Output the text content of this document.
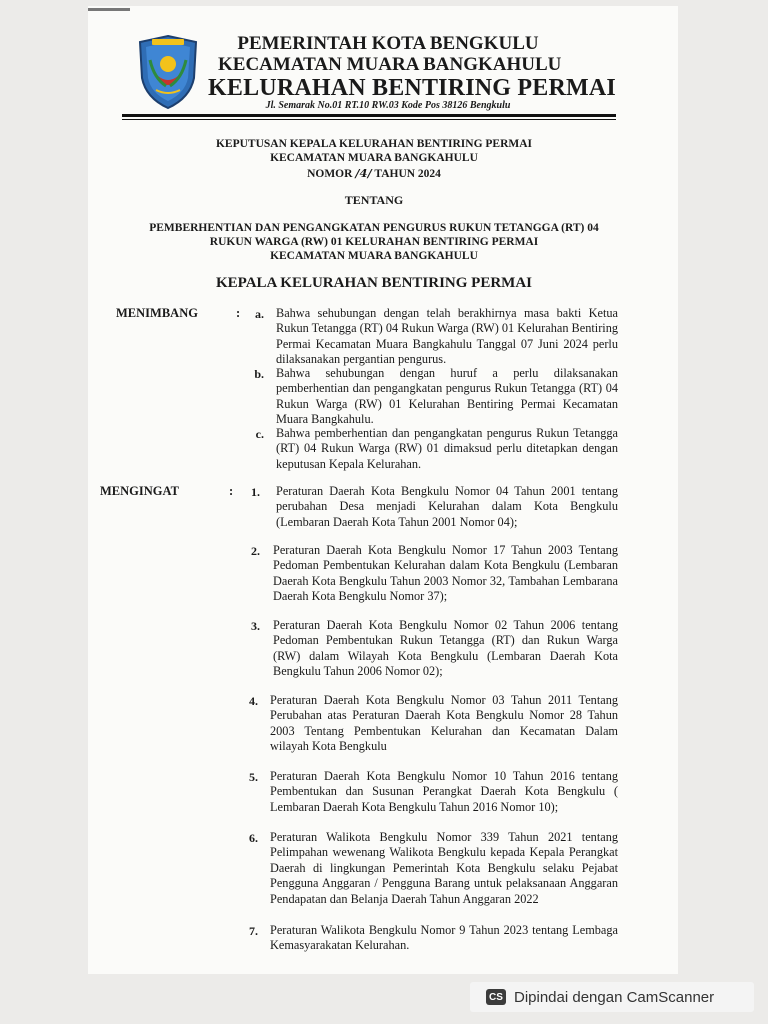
PEMERINTAH KOTA BENGKULU
KECAMATAN MUARA BANGKAHULU
KELURAHAN BENTIRING PERMAI
Jl. Semarak No.01 RT.10 RW.03 Kode Pos 38126 Bengkulu
KEPUTUSAN KEPALA KELURAHAN BENTIRING PERMAI
KECAMATAN MUARA BANGKAHULU
NOMOR /4/ TAHUN 2024
TENTANG
PEMBERHENTIAN DAN PENGANGKATAN PENGURUS RUKUN TETANGGA (RT) 04
RUKUN WARGA (RW) 01 KELURAHAN BENTIRING PERMAI
KECAMATAN MUARA BANGKAHULU
KEPALA KELURAHAN BENTIRING PERMAI
MENIMBANG	:	a. Bahwa sehubungan dengan telah berakhirnya masa bakti Ketua Rukun Tetangga (RT) 04 Rukun Warga (RW) 01 Kelurahan Bentiring Permai Kecamatan Muara Bangkahulu Tanggal 07 Juni 2024 perlu dilaksanakan pergantian pengurus.
b. Bahwa sehubungan dengan huruf a perlu dilaksanakan pemberhentian dan pengangkatan pengurus Rukun Tetangga (RT) 04 Rukun Warga (RW) 01 Kelurahan Bentiring Permai Kecamatan Muara Bangkahulu.
c. Bahwa pemberhentian dan pengangkatan pengurus Rukun Tetangga (RT) 04 Rukun Warga (RW) 01 dimaksud perlu ditetapkan dengan keputusan Kepala Kelurahan.
MENGINGAT	:	1. Peraturan Daerah Kota Bengkulu Nomor 04 Tahun 2001 tentang perubahan Desa menjadi Kelurahan dalam Kota Bengkulu (Lembaran Daerah Kota Tahun 2001 Nomor 04);
2. Peraturan Daerah Kota Bengkulu Nomor 17 Tahun 2003 Tentang Pedoman Pembentukan Kelurahan dalam Kota Bengkulu (Lembaran Daerah Kota Bengkulu Tahun 2003 Nomor 32, Tambahan Lembarana Daerah Kota Bengkulu Nomor 37);
3. Peraturan Daerah Kota Bengkulu Nomor 02 Tahun 2006 tentang Pedoman Pembentukan Rukun Tetangga (RT) dan Rukun Warga (RW) dalam Wilayah Kota Bengkulu (Lembaran Daerah Kota Bengkulu Tahun 2006 Nomor 02);
4. Peraturan Daerah Kota Bengkulu Nomor 03 Tahun 2011 Tentang Perubahan atas Peraturan Daerah Kota Bengkulu Nomor 28 Tahun 2003 Tentang Pembentukan Kelurahan dan Kecamatan Dalam wilayah Kota Bengkulu
5. Peraturan Daerah Kota Bengkulu Nomor 10 Tahun 2016 tentang Pembentukan dan Susunan Perangkat Daerah Kota Bengkulu ( Lembaran Daerah Kota Bengkulu Tahun 2016 Nomor 10);
6. Peraturan Walikota Bengkulu Nomor 339 Tahun 2021 tentang Pelimpahan wewenang Walikota Bengkulu kepada Kepala Perangkat Daerah di lingkungan Pemerintah Kota Bengkulu selaku Pejabat Pengguna Anggaran / Pengguna Barang untuk pelaksanaan Anggaran Pendapatan dan Belanja Daerah Tahun Anggaran 2022
7. Peraturan Walikota Bengkulu Nomor 9 Tahun 2023 tentang Lembaga Kemasyarakatan Kelurahan.
CS Dipindai dengan CamScanner
